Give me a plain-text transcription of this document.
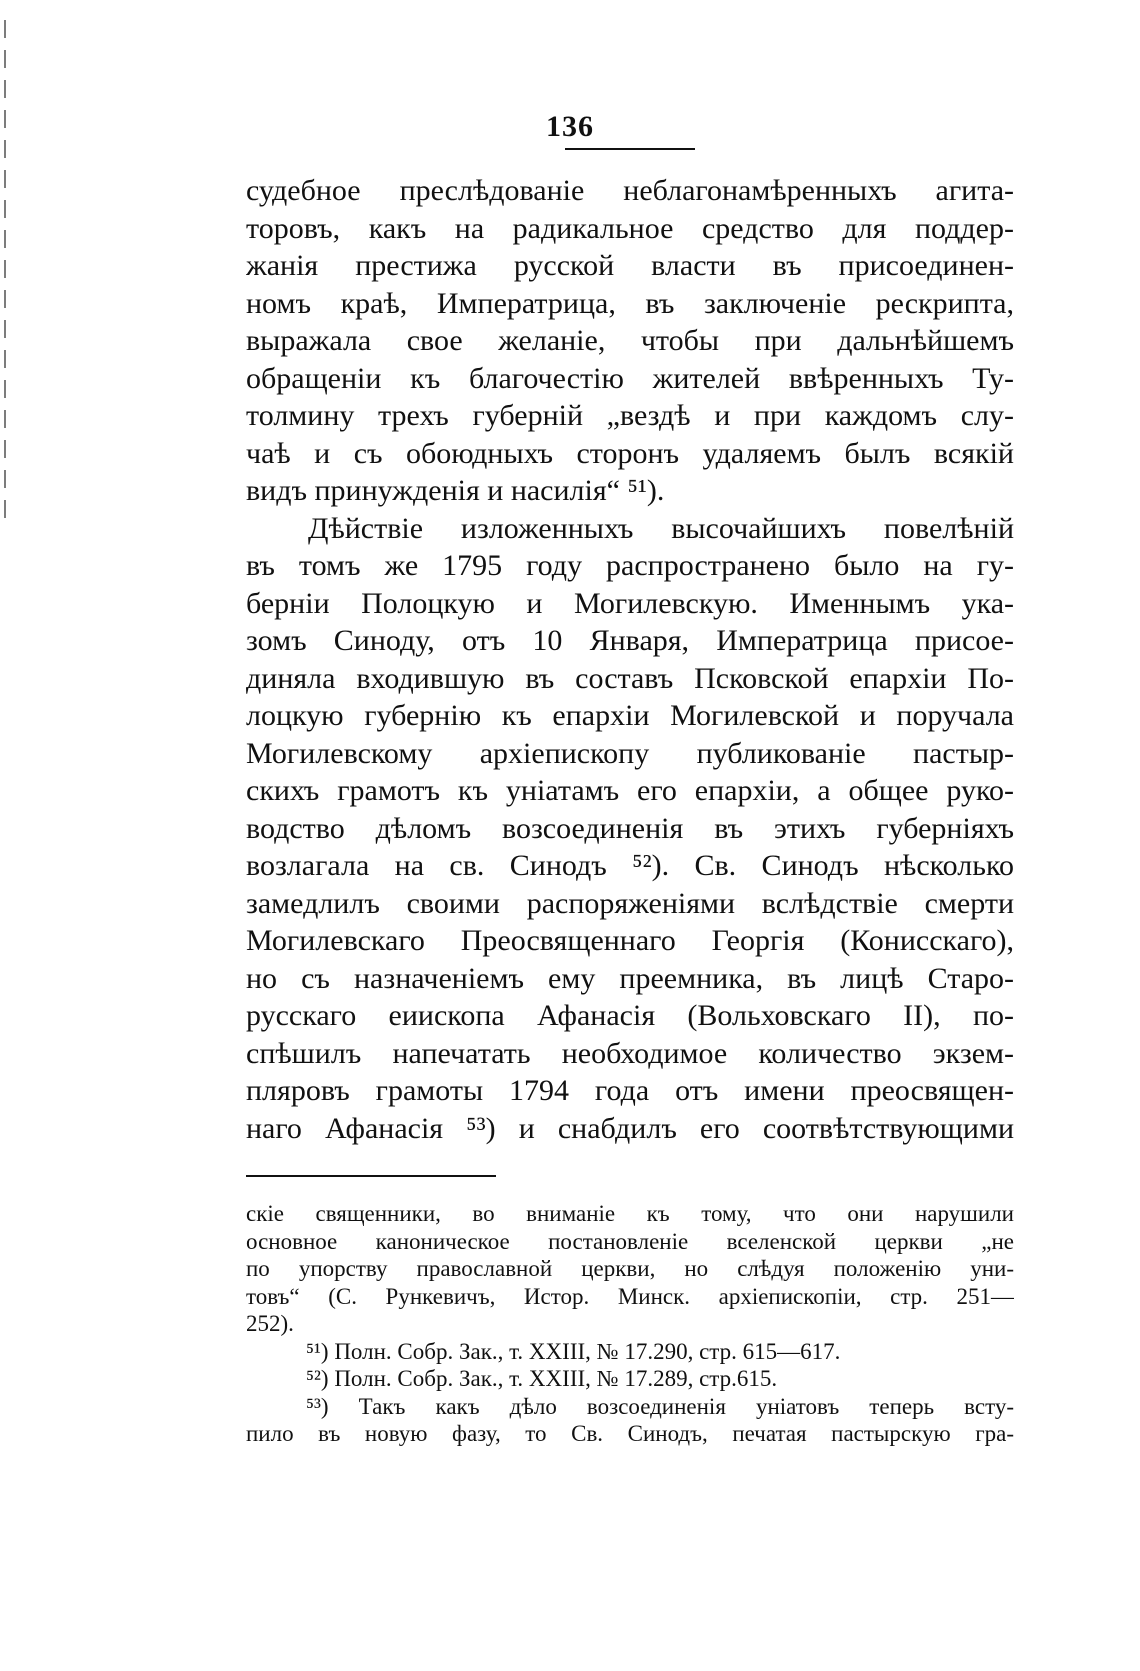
136
судебное преслѣдованіе неблагонамѣренныхъ агита-
торовъ, какъ на радикальное средство для поддер-
жанія престижа русской власти въ присоединен-
номъ краѣ, Императрица, въ заключеніе рескрипта,
выражала свое желаніе, чтобы при дальнѣйшемъ
обращеніи къ благочестію жителей ввѣренныхъ Ту-
толмину трехъ губерній „вездѣ и при каждомъ слу-
чаѣ и съ обоюдныхъ сторонъ удаляемъ былъ всякій
видъ принужденія и насилія“ ⁵¹).
Дѣйствіе изложенныхъ высочайшихъ повелѣній
въ томъ же 1795 году распространено было на гу-
берніи Полоцкую и Могилевскую. Именнымъ ука-
зомъ Синоду, отъ 10 Января, Императрица присое-
диняла входившую въ составъ Псковской епархіи По-
лоцкую губернію къ епархіи Могилевской и поручала
Могилевскому архіепископу публикованіе пастыр-
скихъ грамотъ къ уніатамъ его епархіи, а общее руко-
водство дѣломъ возсоединенія въ этихъ губерніяхъ
возлагала на св. Синодъ ⁵²). Св. Синодъ нѣсколько
замедлилъ своими распоряженіями вслѣдствіе смерти
Могилевскаго Преосвященнаго Георгія (Конисскаго),
но съ назначеніемъ ему преемника, въ лицѣ Старо-
русскаго еиископа Афанасія (Вольховскаго II), по-
спѣшилъ напечатать необходимое количество экзем-
пляровъ грамоты 1794 года отъ имени преосвящен-
наго Афанасія ⁵³) и снабдилъ его соотвѣтствующими
скіе священники, во вниманіе къ тому, что они нарушили
основное каноническое постановленіе вселенской церкви „не
по упорству православной церкви, но слѣдуя положенію уни-
товъ“ (С. Рункевичъ, Истор. Минск. архіепископіи, стр. 251—
252).
⁵¹) Полн. Собр. Зак., т. XXIII, № 17.290, стр. 615—617.
⁵²) Полн. Собр. Зак., т. XXIII, № 17.289, стр.615.
⁵³) Такъ какъ дѣло возсоединенія уніатовъ теперь всту-
пило въ новую фазу, то Св. Синодъ, печатая пастырскую гра-
